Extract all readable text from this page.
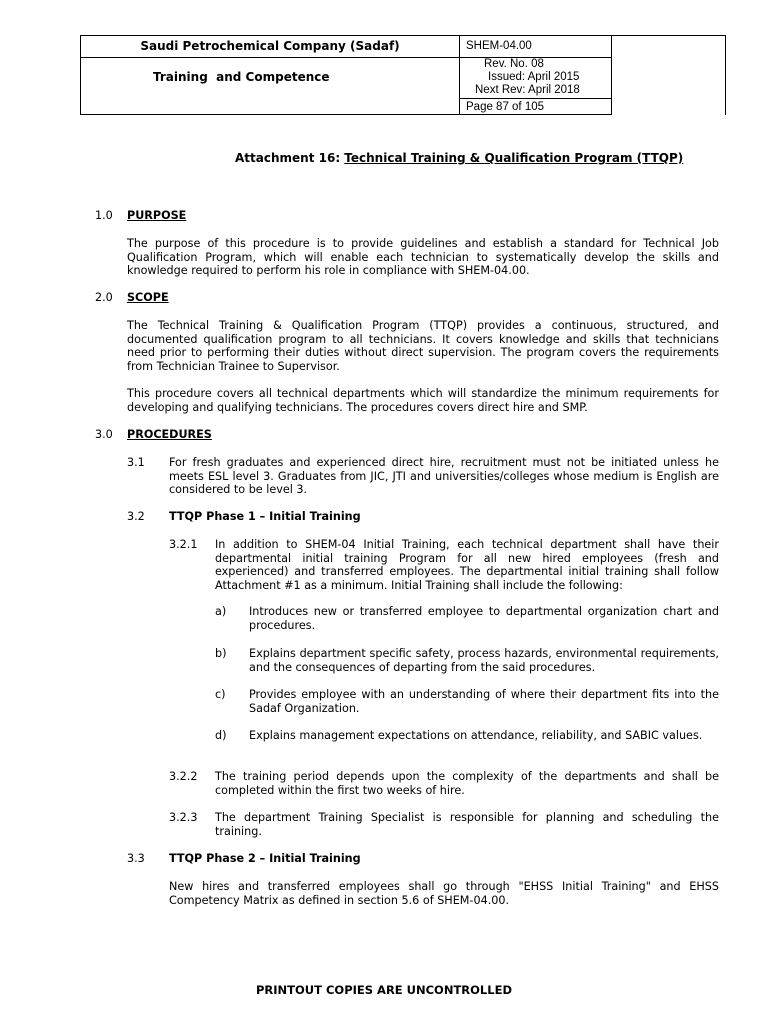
Saudi Petrochemical Company (Sadaf)
Training  and Competence
SHEM-04.00
Rev. No. 08
Issued: April 2015
Next Rev: April 2018
Page 87 of 105
Attachment 16: Technical Training & Qualification Program (TTQP)
1.0 PURPOSE
The purpose of this procedure is to provide guidelines and establish a standard for Technical Job Qualification Program, which will enable each technician to systematically develop the skills and knowledge required to perform his role in compliance with SHEM-04.00.
2.0 SCOPE
The Technical Training & Qualification Program (TTQP) provides a continuous, structured, and documented qualification program to all technicians. It covers knowledge and skills that technicians need prior to performing their duties without direct supervision. The program covers the requirements from Technician Trainee to Supervisor.
This procedure covers all technical departments which will standardize the minimum requirements for developing and qualifying technicians. The procedures covers direct hire and SMP.
3.0 PROCEDURES
3.1 For fresh graduates and experienced direct hire, recruitment must not be initiated unless he meets ESL level 3. Graduates from JIC, JTI and universities/colleges whose medium is English are considered to be level 3.
3.2 TTQP Phase 1 – Initial Training
3.2.1 In addition to SHEM-04 Initial Training, each technical department shall have their departmental initial training Program for all new hired employees (fresh and experienced) and transferred employees. The departmental initial training shall follow Attachment #1 as a minimum. Initial Training shall include the following:
a) Introduces new or transferred employee to departmental organization chart and procedures.
b) Explains department specific safety, process hazards, environmental requirements, and the consequences of departing from the said procedures.
c) Provides employee with an understanding of where their department fits into the Sadaf Organization.
d) Explains management expectations on attendance, reliability, and SABIC values.
3.2.2 The training period depends upon the complexity of the departments and shall be completed within the first two weeks of hire.
3.2.3 The department Training Specialist is responsible for planning and scheduling the training.
3.3 TTQP Phase 2 – Initial Training
New hires and transferred employees shall go through "EHSS Initial Training" and EHSS Competency Matrix as defined in section 5.6 of SHEM-04.00.
PRINTOUT COPIES ARE UNCONTROLLED
